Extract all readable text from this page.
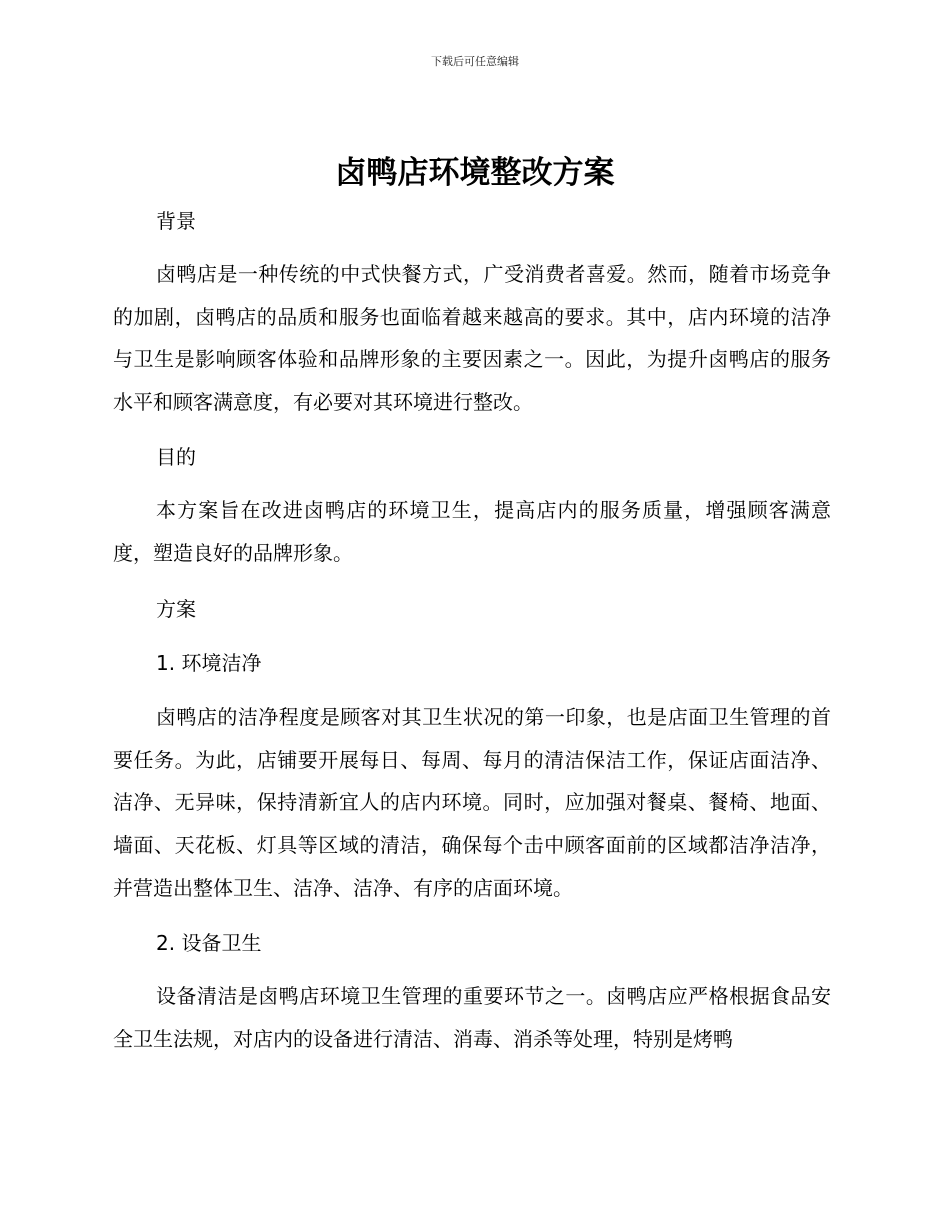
下载后可任意编辑
卤鸭店环境整改方案
背景

卤鸭店是一种传统的中式快餐方式，广受消费者喜爱。然而，随着市场竞争的加剧，卤鸭店的品质和服务也面临着越来越高的要求。其中，店内环境的洁净与卫生是影响顾客体验和品牌形象的主要因素之一。因此，为提升卤鸭店的服务水平和顾客满意度，有必要对其环境进行整改。

目的

本方案旨在改进卤鸭店的环境卫生，提高店内的服务质量，增强顾客满意度，塑造良好的品牌形象。

方案
1. 环境洁净

卤鸭店的洁净程度是顾客对其卫生状况的第一印象，也是店面卫生管理的首要任务。为此，店铺要开展每日、每周、每月的清洁保洁工作，保证店面洁净、洁净、无异味，保持清新宜人的店内环境。同时，应加强对餐桌、餐椅、地面、墙面、天花板、灯具等区域的清洁，确保每个击中顾客面前的区域都洁净洁净，并营造出整体卫生、洁净、洁净、有序的店面环境。

2. 设备卫生

设备清洁是卤鸭店环境卫生管理的重要环节之一。卤鸭店应严格根据食品安全卫生法规，对店内的设备进行清洁、消毒、消杀等处理，特别是烤鸭
